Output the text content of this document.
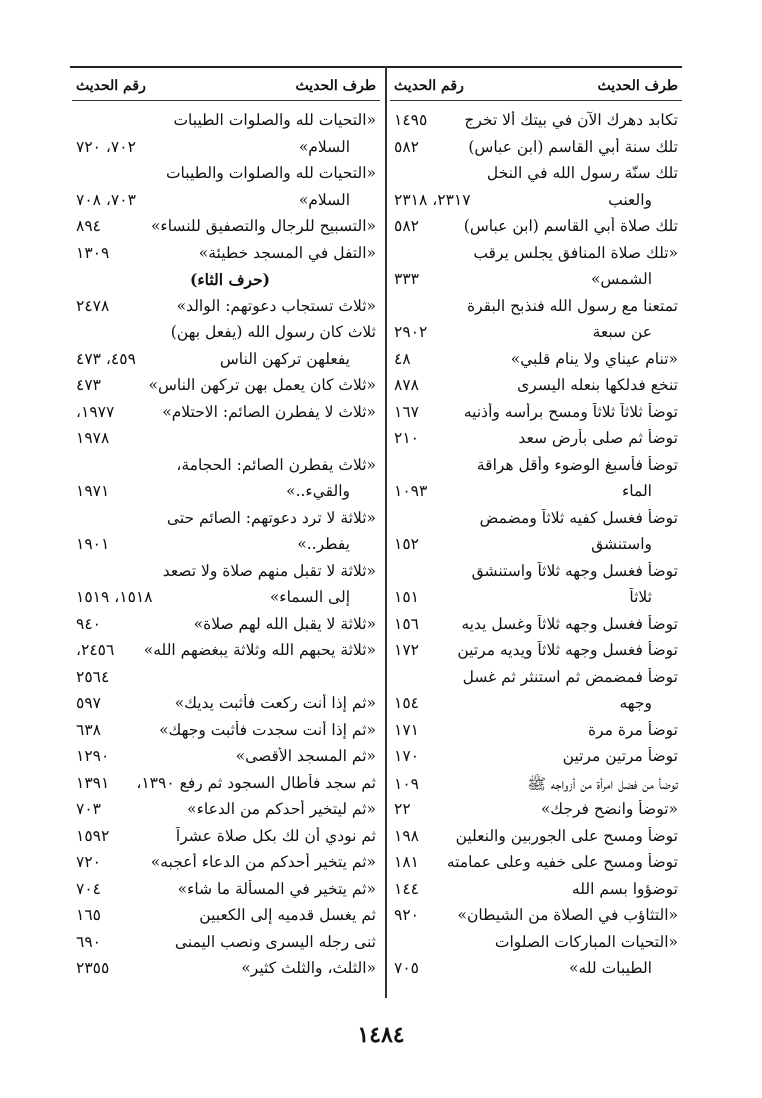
طرف الحديث
رقم الحديث
تكابد دهرك الآن في بيتك ألا تخرج
١٤٩٥
تلك سنة أبي القاسم (ابن عباس)
٥٨٢
تلك سنّة رسول الله في النخل
والعنب
٢٣١٧، ٢٣١٨
تلك صلاة أبي القاسم (ابن عباس)
٥٨٢
«تلك صلاة المنافق يجلس يرقب
الشمس»
٣٣٣
تمتعنا مع رسول الله فنذبح البقرة
عن سبعة
٢٩٠٢
«تنام عيناي ولا ينام قلبي»
٤٨
تنخع فدلكها بنعله اليسرى
٨٧٨
توضأ ثلاثاً ثلاثاً ومسح برأسه وأذنيه
١٦٧
توضأ ثم صلى بأرض سعد
٢١٠
توضأ فأسبغ الوضوء وأقل هراقة
الماء
١٠٩٣
توضأ فغسل كفيه ثلاثاً ومضمض
واستنشق
١٥٢
توضأ فغسل وجهه ثلاثاً واستنشق
ثلاثاً
١٥١
توضأ فغسل وجهه ثلاثاً وغسل يديه
١٥٦
توضأ فغسل وجهه ثلاثاً ويديه مرتين
١٧٢
توضأ فمضمض ثم استنثر ثم غسل
وجهه
١٥٤
توضأ مرة مرة
١٧١
توضأ مرتين مرتين
١٧٠
توضأ من فضل امرأة من أزواجه ﷺ
١٠٩
«توضأ وانضح فرجك»
٢٢
توضأ ومسح على الجوربين والنعلين
١٩٨
توضأ ومسح على خفيه وعلى عمامته
١٨١
توضؤوا بسم الله
١٤٤
«التثاؤب في الصلاة من الشيطان»
٩٢٠
«التحيات المباركات الصلوات
الطيبات لله»
٧٠٥
طرف الحديث
رقم الحديث
«التحيات لله والصلوات الطيبات
السلام»
٧٠٢، ٧٢٠
«التحيات لله والصلوات والطيبات
السلام»
٧٠٣، ٧٠٨
«التسبيح للرجال والتصفيق للنساء»
٨٩٤
«التفل في المسجد خطيئة»
١٣٠٩
(حرف الثاء)
«ثلاث تستجاب دعوتهم: الوالد»
٢٤٧٨
ثلاث كان رسول الله (يفعل بهن)
يفعلهن تركهن الناس
٤٥٩، ٤٧٣
«ثلاث كان يعمل بهن تركهن الناس»
٤٧٣
«ثلاث لا يفطرن الصائم: الاحتلام»
١٩٧٧،
١٩٧٨
«ثلاث يفطرن الصائم: الحجامة،
والقيء..»
١٩٧١
«ثلاثة لا ترد دعوتهم: الصائم حتى
يفطر..»
١٩٠١
«ثلاثة لا تقبل منهم صلاة ولا تصعد
إلى السماء»
١٥١٨، ١٥١٩
«ثلاثة لا يقبل الله لهم صلاة»
٩٤٠
«ثلاثة يحبهم الله وثلاثة يبغضهم الله»
٢٤٥٦،
٢٥٦٤
«ثم إذا أنت ركعت فأثبت يديك»
٥٩٧
«ثم إذا أنت سجدت فأثبت وجهك»
٦٣٨
«ثم المسجد الأقصى»
١٢٩٠
ثم سجد فأطال السجود ثم رفع ١٣٩٠،
١٣٩١
«ثم ليتخير أحدكم من الدعاء»
٧٠٣
ثم نودي أن لك بكل صلاة عشراً
١٥٩٢
«ثم يتخير أحدكم من الدعاء أعجبه»
٧٢٠
«ثم يتخير في المسألة ما شاء»
٧٠٤
ثم يغسل قدميه إلى الكعبين
١٦٥
ثنى رجله اليسرى ونصب اليمنى
٦٩٠
«الثلث، والثلث كثير»
٢٣٥٥
١٤٨٤
